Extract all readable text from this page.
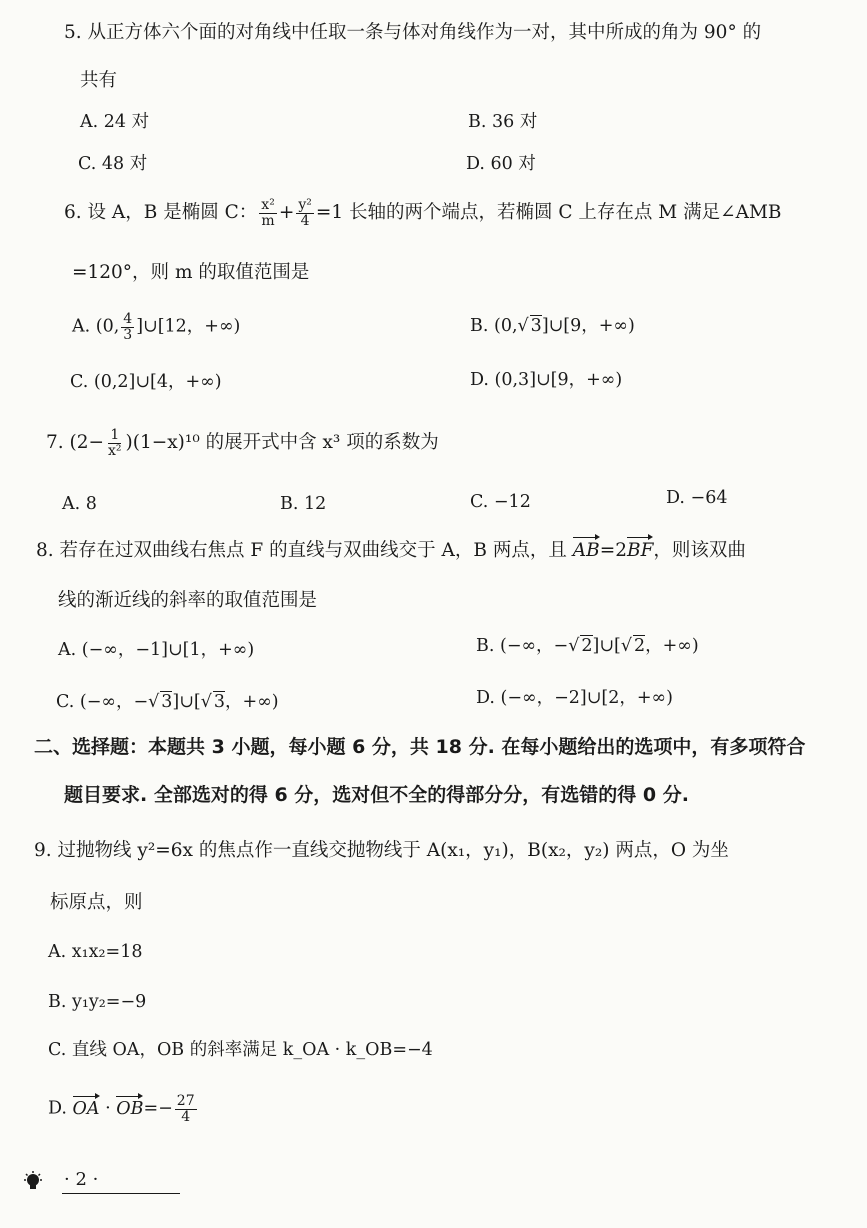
5. 从正方体六个面的对角线中任取一条与体对角线作为一对，其中所成的角为 90° 的
共有
A. 24 对	B. 36 对
C. 48 对	D. 60 对
6. 设 A，B 是椭圆 C： $\frac{\text{x²}}{m} + \frac{\text{y²}}{4} =1$ 长轴的两个端点，若椭圆 C 上存在点 M 满足∠AMB
=120°，则 m 的取值范围是
A. (0, $\frac{4}{3}$ ]∪[12，+∞)	B. (0,√ 3]∪[9，+∞)
C. (0,2]∪[4，+∞)	D. (0,3]∪[9，+∞)
7. $(2- \frac{1}{\text{x²}} )(1-x)^{10}$ 的展开式中含 x³ 项的系数为
A. 8	B. 12	C. −12	D. −64
8. 若存在过双曲线右焦点 F 的直线与双曲线交于 A，B 两点，且 AB=2BF，则该双曲
线的渐近线的斜率的取值范围是
A. (−∞，−1]∪[1，+∞)	B. (−∞，−√ 2]∪[√ 2，+∞)
C. (−∞，−√ 3]∪[√ 3，+∞)	D. (−∞，−2]∪[2，+∞)
二、选择题：本题共 3 小题，每小题 6 分，共 18 分. 在每小题给出的选项中，有多项符合
题目要求. 全部选对的得 6 分，选对但不全的得部分分，有选错的得 0 分.
9. 过抛物线 y²=6x 的焦点作一直线交抛物线于 A(x₁，y₁)，B(x₂，y₂) 两点，O 为坐
标原点，则
A. x₁x₂=18
B. y₁y₂=−9
C. 直线 OA，OB 的斜率满足 k_OA · k_OB=−4
D. OA · $OB=- \frac{27}{4}$
· 2 ·
